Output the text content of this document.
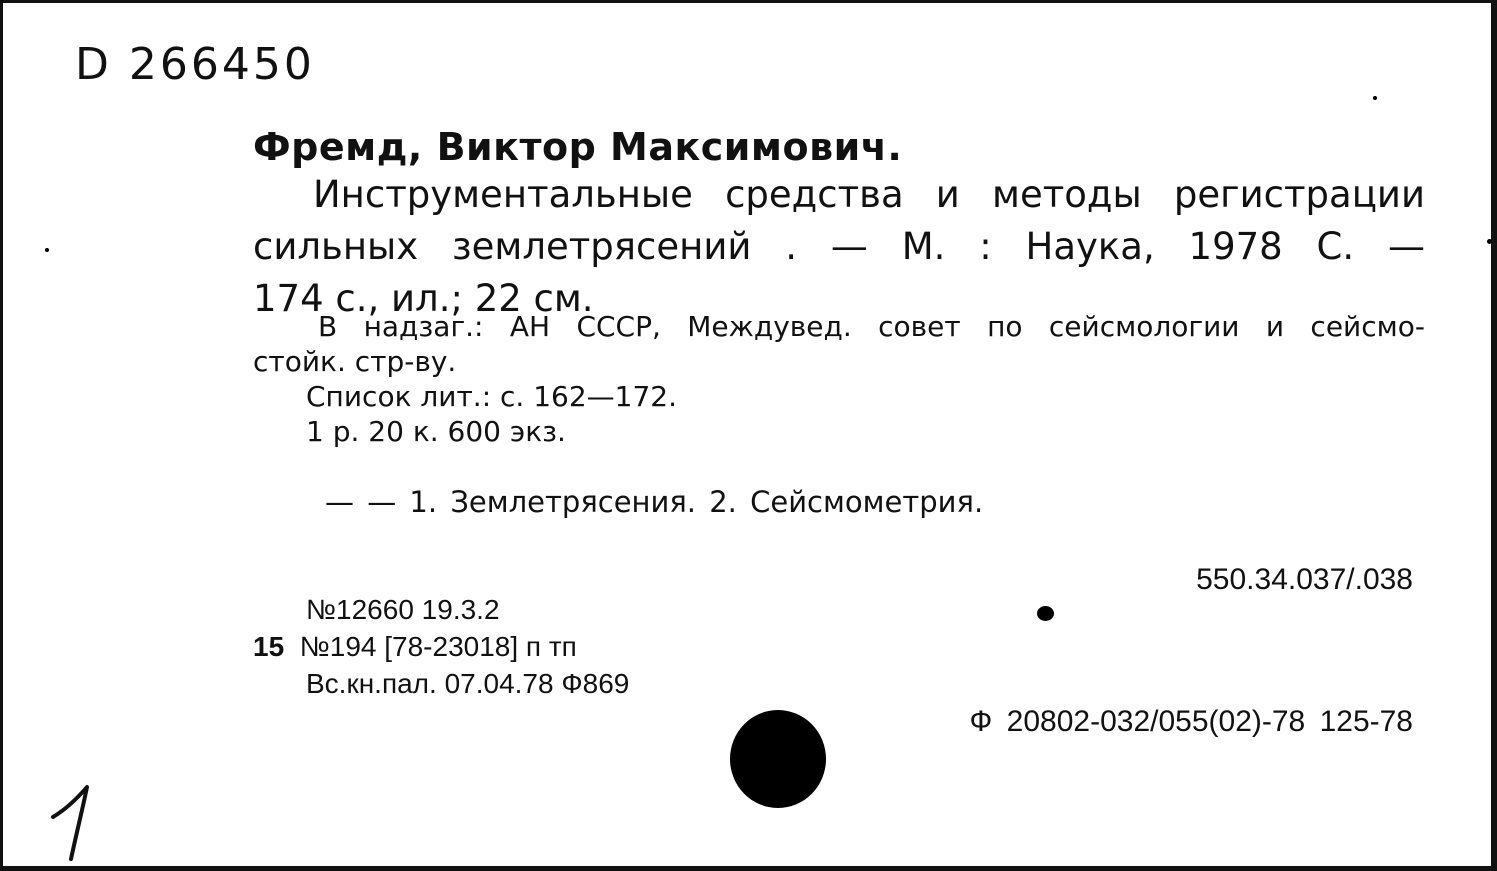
D 266450
Фремд, Виктор Максимович.
Инструментальные средства и методы регистрации
сильных землетрясений . — М. : Наука, 1978 С. —
174 с., ил.; 22 см.
В надзаг.: АН СССР, Междувед. совет по сейсмологии и сейсмо-
стойк. стр-ву.
Список лит.: с. 162—172.
1 р. 20 к. 600 экз.
— — 1. Землетрясения. 2. Сейсмометрия.
550.34.037/.038
№12660 19.3.2
15 №194 [78-23018] п тп
Вс.кн.пал. 07.04.78 Ф869
Ф 20802-032/055(02)-78 125-78
